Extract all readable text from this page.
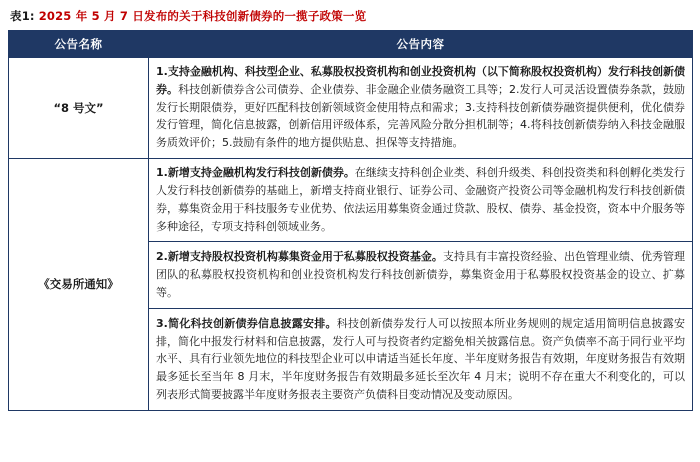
表1: 2025 年 5 月 7 日发布的关于科技创新债券的一揽子政策一览
公告名称	公告内容
“8 号文”	1.支持金融机构、科技型企业、私募股权投资机构和创业投资机构（以下简称股权投资机构）发行科技创新债券。科技创新债券含公司债券、企业债券、非金融企业债务融资工具等；2.发行人可灵活设置债券条款，鼓励发行长期限债券，更好匹配科技创新领域资金使用特点和需求；3.支持科技创新债券融资提供便利，优化债券发行管理，简化信息披露，创新信用评级体系，完善风险分散分担机制等；4.将科技创新债券纳入科技金融服务质效评价；5.鼓励有条件的地方提供贴息、担保等支持措施。

《交易所通知》	1.新增支持金融机构发行科技创新债券。在继续支持科创企业类、科创升级类、科创投资类和科创孵化类发行人发行科技创新债券的基础上，新增支持商业银行、证券公司、金融资产投资公司等金融机构发行科技创新债券，募集资金用于科技服务专业优势、依法运用募集资金通过贷款、股权、债券、基金投资，资本中介服务等多种途径，专项支持科创领域业务。

2.新增支持股权投资机构募集资金用于私募股权投资基金。支持具有丰富投资经验、出色管理业绩、优秀管理团队的私募股权投资机构和创业投资机构发行科技创新债券，募集资金用于私募股权投资基金的设立、扩募等。

3.简化科技创新债券信息披露安排。科技创新债券发行人可以按照本所业务规则的规定适用简明信息披露安排，简化中报发行材料和信息披露，发行人可与投资者约定豁免相关披露信息。资产负债率不高于同行业平均水平、具有行业领先地位的科技型企业可以申请适当延长年度、半年度财务报告有效期，年度财务报告有效期最多延长至当年 8 月末，半年度财务报告有效期最多延长至次年 4 月末；说明不存在重大不利变化的，可以列表形式简要披露半年度财务报表主要资产负债科目变动情况及变动原因。
